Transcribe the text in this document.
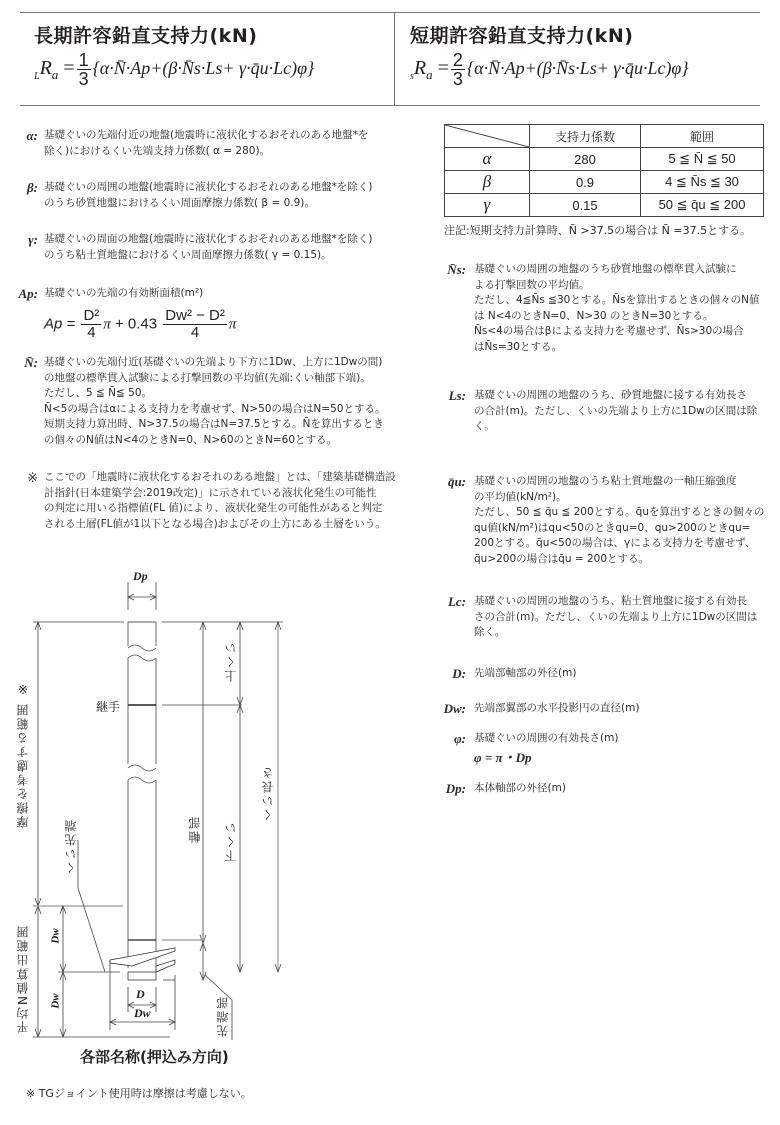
長期許容鉛直支持力(kN)
$_LR_a = \frac{1}{3}$ {α·N̄·Ap+(β·N̄s·Ls+ γ·q̄u·Lc)φ}
短期許容鉛直支持力(kN)
$_sR_a = \frac{2}{3}$ {α·N̄·Ap+(β·N̄s·Ls+ γ·q̄u·Lc)φ}
α: 基礎ぐいの先端付近の地盤(地震時に液状化するおそれのある地盤*を
除く)におけるくい先端支持力係数( α = 280)。
β: 基礎ぐいの周囲の地盤(地震時に液状化するおそれのある地盤*を除く)
のうち砂質地盤におけるくい周面摩擦力係数( β = 0.9)。
γ: 基礎ぐいの周面の地盤(地震時に液状化するおそれのある地盤*を除く)
のうち粘土質地盤におけるくい周面摩擦力係数( γ = 0.15)。
Ap: 基礎ぐいの先端の有効断面積(m²)
$Ap = \frac{\text{D²}}{4}$ $\pi + 0.43 \frac{\text{Dw² − D²}}{4}$ π
N̄: 基礎ぐいの先端付近(基礎ぐいの先端より下方に1Dw、上方に1Dwの間)
の地盤の標準貫入試験による打撃回数の平均値(先端:くい軸部下端)。
ただし、5 ≦ N̄≦ 50。
N̄<5の場合はαによる支持力を考慮せず、N>50の場合はN=50とする。
短期支持力算出時、N>37.5の場合はN=37.5とする。N̄を算出するとき
の個々のN値はN<4のときN=0、N>60のときN=60とする。
※ ここでの「地震時に液状化するおそれのある地盤」とは、「建築基礎構造設
計指針(日本建築学会:2019改定)」に示されている液状化発生の可能性
の判定に用いる指標値(FL 値)により、液状化発生の可能性があると判定
される土層(FL値が1以下となる場合)およびその上方にある土層をいう。
	支持力係数	範囲
α	280	5 ≦ N̄ ≦ 50
β	0.9	4 ≦ N̄s ≦ 30
γ	0.15	50 ≦ q̄u ≦ 200
注記:短期支持力計算時、N̄ >37.5の場合は N̄ =37.5とする。
N̄s: 基礎ぐいの周囲の地盤のうち砂質地盤の標準貫入試験に
よる打撃回数の平均値。
ただし、4≦N̄s ≦30とする。N̄sを算出するときの個々のN値
は N<4のときN=0、N>30 のときN=30とする。
N̄s<4の場合はβによる支持力を考慮せず、N̄s>30の場合
はN̄s=30とする。
Ls: 基礎ぐいの周囲の地盤のうち、砂質地盤に接する有効長さ
の合計(m)。ただし、くいの先端より上方に1Dwの区間は除
く。
q̄u: 基礎ぐいの周囲の地盤のうち粘土質地盤の一軸圧縮強度
の平均値(kN/m²)。
ただし、50 ≦ q̄u ≦ 200とする。q̄uを算出するときの個々の
qu値(kN/m²)はqu<50のときqu=0、qu>200のときqu=
200とする。q̄u<50の場合は、γによる支持力を考慮せず、
q̄u>200の場合はq̄u = 200とする。
Lc: 基礎ぐいの周囲の地盤のうち、粘土質地盤に接する有効長
さの合計(m)。ただし、くいの先端より上方に1Dwの区間は
除く。
D: 先端部軸部の外径(m)
Dw: 先端部翼部の水平投影円の直径(m)
φ: 基礎ぐいの周囲の有効長さ(m)
φ = π・Dp
Dp: 本体軸部の外径(m)
Dp
継手
上くい
軸部 下くい
くい長さ
摩擦を考慮する範囲 ※
くい先端
平均N値算出範囲 Dw
Dw	D
Dw	先端部
各部名称(押込み方向)
※ TGジョイント使用時は摩擦は考慮しない。
